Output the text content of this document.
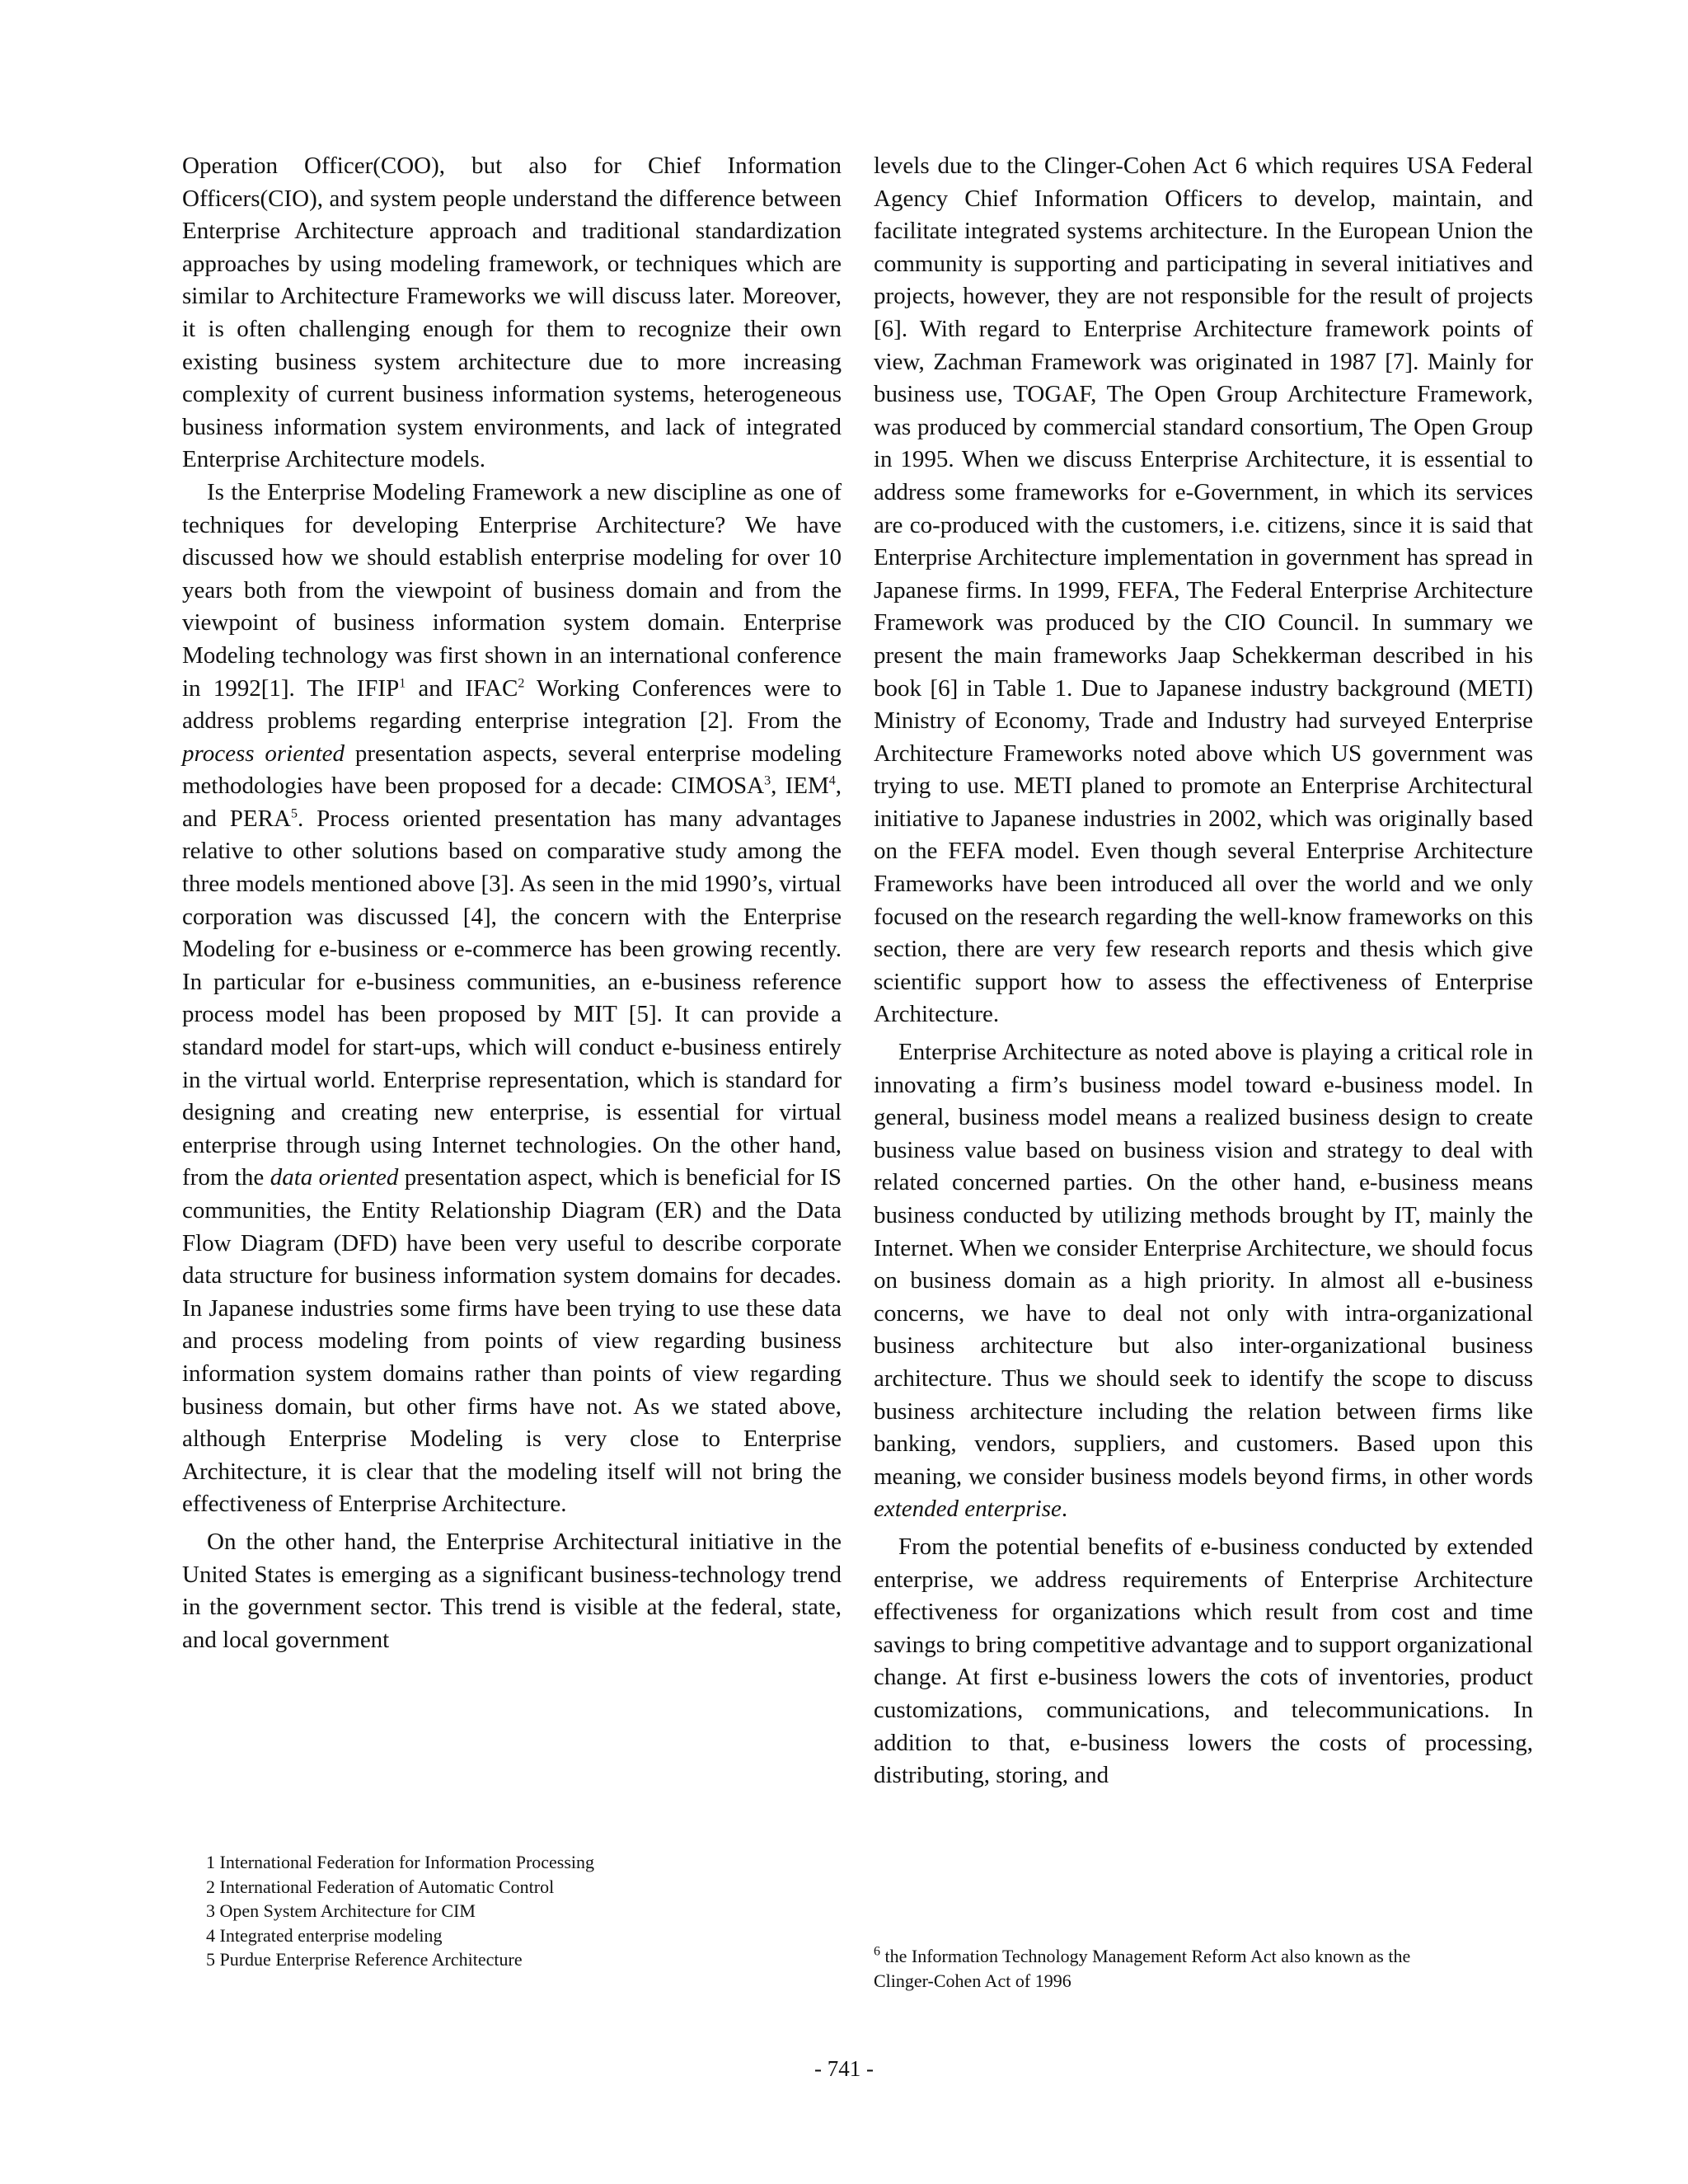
Operation Officer(COO), but also for Chief Information Officers(CIO), and system people understand the difference between Enterprise Architecture approach and traditional standardization approaches by using modeling framework, or techniques which are similar to Architecture Frameworks we will discuss later. Moreover, it is often challenging enough for them to recognize their own existing business system architecture due to more increasing complexity of current business information systems, heterogeneous business information system environments, and lack of integrated Enterprise Architecture models.

Is the Enterprise Modeling Framework a new discipline as one of techniques for developing Enterprise Architecture? We have discussed how we should establish enterprise modeling for over 10 years both from the viewpoint of business domain and from the viewpoint of business information system domain. Enterprise Modeling technology was first shown in an international conference in 1992[1]. The IFIP$^1$ and IFAC$^2$ Working Conferences were to address problems regarding enterprise integration [2]. From the process oriented presentation aspects, several enterprise modeling methodologies have been proposed for a decade: CIMOSA$^3$, IEM$^4$, and PERA$^5$. Process oriented presentation has many advantages relative to other solutions based on comparative study among the three models mentioned above [3]. As seen in the mid 1990’s, virtual corporation was discussed [4], the concern with the Enterprise Modeling for e-business or e-commerce has been growing recently. In particular for e-business communities, an e-business reference process model has been proposed by MIT [5]. It can provide a standard model for start-ups, which will conduct e-business entirely in the virtual world. Enterprise representation, which is standard for designing and creating new enterprise, is essential for virtual enterprise through using Internet technologies. On the other hand, from the data oriented presentation aspect, which is beneficial for IS communities, the Entity Relationship Diagram (ER) and the Data Flow Diagram (DFD) have been very useful to describe corporate data structure for business information system domains for decades. In Japanese industries some firms have been trying to use these data and process modeling from points of view regarding business information system domains rather than points of view regarding business domain, but other firms have not. As we stated above, although Enterprise Modeling is very close to Enterprise Architecture, it is clear that the modeling itself will not bring the effectiveness of Enterprise Architecture.

On the other hand, the Enterprise Architectural initiative in the United States is emerging as a significant business-technology trend in the government sector. This trend is visible at the federal, state, and local government

levels due to the Clinger-Cohen Act 6 which requires USA Federal Agency Chief Information Officers to develop, maintain, and facilitate integrated systems architecture. In the European Union the community is supporting and participating in several initiatives and projects, however, they are not responsible for the result of projects [6]. With regard to Enterprise Architecture framework points of view, Zachman Framework was originated in 1987 [7]. Mainly for business use, TOGAF, The Open Group Architecture Framework, was produced by commercial standard consortium, The Open Group in 1995. When we discuss Enterprise Architecture, it is essential to address some frameworks for e-Government, in which its services are co-produced with the customers, i.e. citizens, since it is said that Enterprise Architecture implementation in government has spread in Japanese firms. In 1999, FEFA, The Federal Enterprise Architecture Framework was produced by the CIO Council. In summary we present the main frameworks Jaap Schekkerman described in his book [6] in Table 1. Due to Japanese industry background (METI) Ministry of Economy, Trade and Industry had surveyed Enterprise Architecture Frameworks noted above which US government was trying to use. METI planed to promote an Enterprise Architectural initiative to Japanese industries in 2002, which was originally based on the FEFA model. Even though several Enterprise Architecture Frameworks have been introduced all over the world and we only focused on the research regarding the well-know frameworks on this section, there are very few research reports and thesis which give scientific support how to assess the effectiveness of Enterprise Architecture.

Enterprise Architecture as noted above is playing a critical role in innovating a firm’s business model toward e-business model. In general, business model means a realized business design to create business value based on business vision and strategy to deal with related concerned parties. On the other hand, e-business means business conducted by utilizing methods brought by IT, mainly the Internet. When we consider Enterprise Architecture, we should focus on business domain as a high priority. In almost all e-business concerns, we have to deal not only with intra-organizational business architecture but also inter-organizational business architecture. Thus we should seek to identify the scope to discuss business architecture including the relation between firms like banking, vendors, suppliers, and customers. Based upon this meaning, we consider business models beyond firms, in other words extended enterprise.

From the potential benefits of e-business conducted by extended enterprise, we address requirements of Enterprise Architecture effectiveness for organizations which result from cost and time savings to bring competitive advantage and to support organizational change. At first e-business lowers the cots of inventories, product customizations, communications, and telecommunications. In addition to that, e-business lowers the costs of processing, distributing, storing, and

1 International Federation for Information Processing
2 International Federation of Automatic Control
3 Open System Architecture for CIM
4 Integrated enterprise modeling
5 Purdue Enterprise Reference Architecture	$^6$ the Information Technology Management Reform Act also known as the
Clinger-Cohen Act of 1996
- 741 -
